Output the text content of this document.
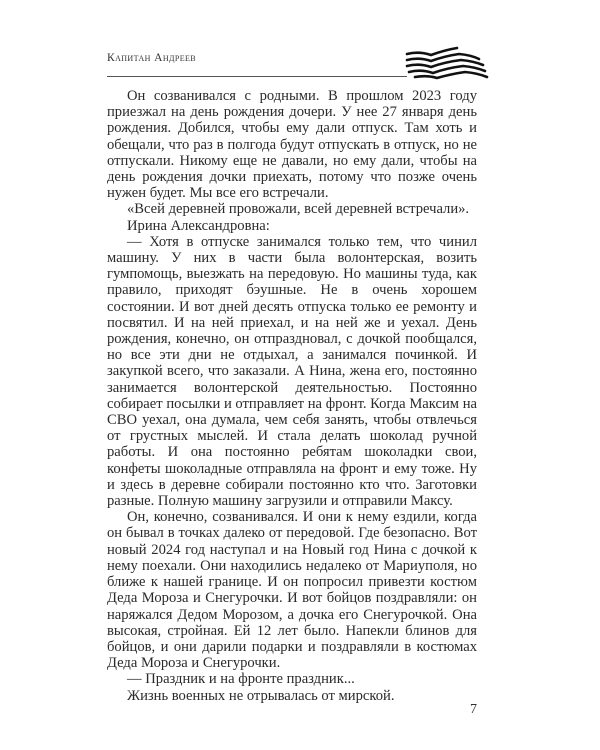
Капитан Андреев

Он созванивался с родными. В прошлом 2023 году приезжал на день рождения дочери. У нее 27 января день рождения. Добился, чтобы ему дали отпуск. Там хоть и обещали, что раз в полгода будут отпускать в отпуск, но не отпускали. Никому еще не давали, но ему дали, чтобы на день рождения дочки приехать, потому что позже очень нужен будет. Мы все его встречали.

«Всей деревней провожали, всей деревней встречали».

Ирина Александровна:

— Хотя в отпуске занимался только тем, что чинил машину. У них в части была волонтерская, возить гумпомощь, выезжать на передовую. Но машины туда, как правило, приходят бэушные. Не в очень хорошем состоянии. И вот дней десять отпуска только ее ремонту и посвятил. И на ней приехал, и на ней же и уехал. День рождения, конечно, он отпраздновал, с дочкой пообщался, но все эти дни не отдыхал, а занимался починкой. И закупкой всего, что заказали. А Нина, жена его, постоянно занимается волонтерской деятельностью. Постоянно собирает посылки и отправляет на фронт. Когда Максим на СВО уехал, она думала, чем себя занять, чтобы отвлечься от грустных мыслей. И стала делать шоколад ручной работы. И она постоянно ребятам шоколадки свои, конфеты шоколадные отправляла на фронт и ему тоже. Ну и здесь в деревне собирали постоянно кто что. Заготовки разные. Полную машину загрузили и отправили Максу.

Он, конечно, созванивался. И они к нему ездили, когда он бывал в точках далеко от передовой. Где безопасно. Вот новый 2024 год наступал и на Новый год Нина с дочкой к нему поехали. Они находились недалеко от Мариуполя, но ближе к нашей границе. И он попросил привезти костюм Деда Мороза и Снегурочки. И вот бойцов поздравляли: он наряжался Дедом Морозом, а дочка его Снегурочкой. Она высокая, стройная. Ей 12 лет было. Напекли блинов для бойцов, и они дарили подарки и поздравляли в костюмах Деда Мороза и Снегурочки.

— Праздник и на фронте праздник...

Жизнь военных не отрывалась от мирской.

7
